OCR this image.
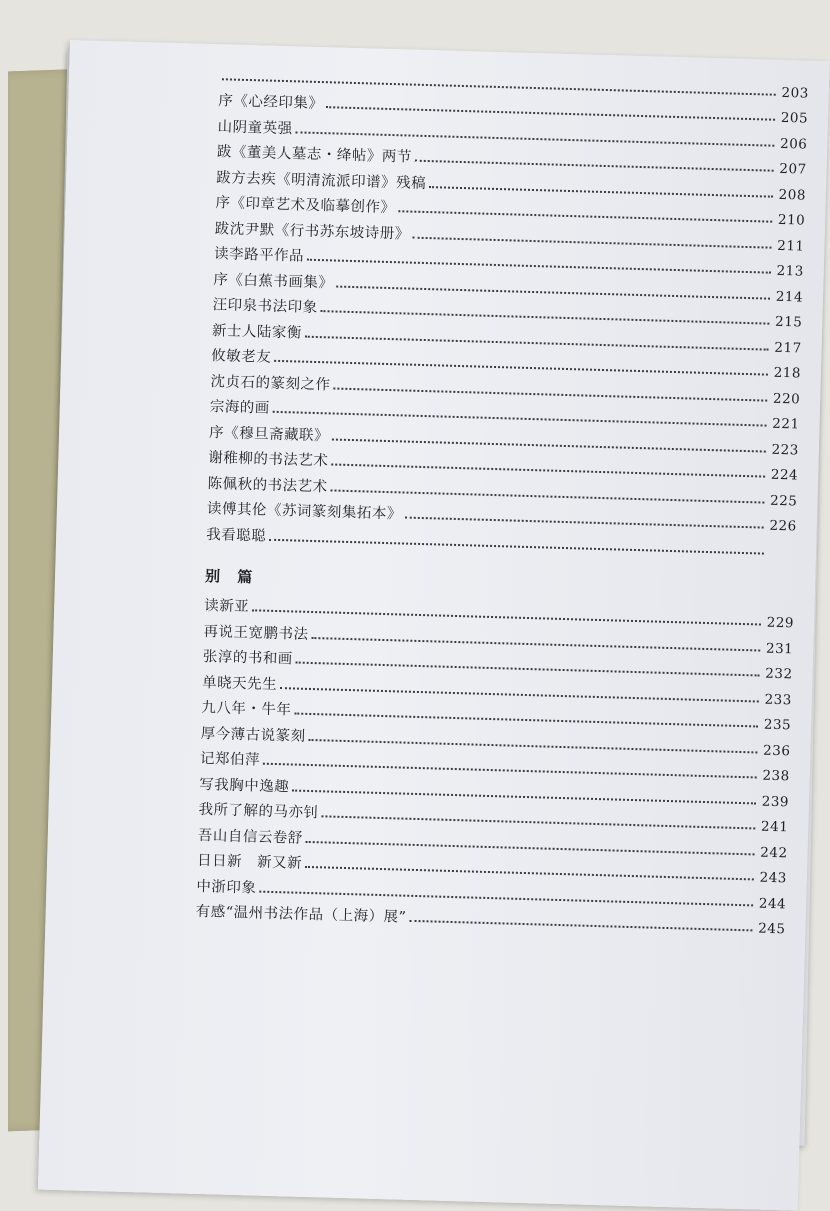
203
序《心经印集》
205
山阴童英强
206
跋《董美人墓志・绛帖》两节
207
跋方去疾《明清流派印谱》残稿
208
序《印章艺术及临摹创作》
210
跋沈尹默《行书苏东坡诗册》
211
读李路平作品
213
序《白蕉书画集》
214
汪印泉书法印象
215
新士人陆家衡
217
攸敏老友
218
沈贞石的篆刻之作
220
宗海的画
221
序《穆旦斋藏联》
223
谢稚柳的书法艺术
224
陈佩秋的书法艺术
225
读傅其伦《苏词篆刻集拓本》
226
我看聪聪
别 篇
读新亚
229
再说王宽鹏书法
231
张淳的书和画
232
单晓天先生
233
九八年・牛年
235
厚今薄古说篆刻
236
记郑伯萍
238
写我胸中逸趣
239
我所了解的马亦钊
241
吾山自信云卷舒
242
日日新　新又新
243
中浙印象
244
有感“温州书法作品（上海）展”
245
